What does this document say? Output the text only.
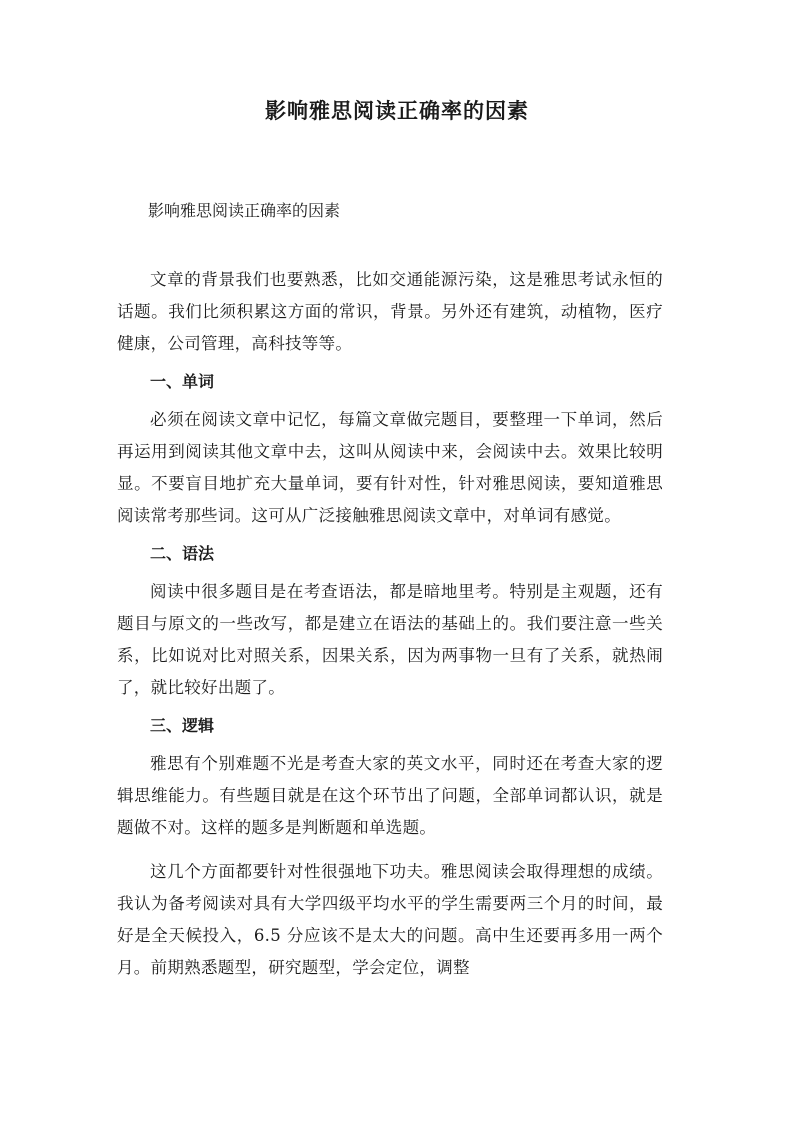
影响雅思阅读正确率的因素

影响雅思阅读正确率的因素

文章的背景我们也要熟悉，比如交通能源污染，这是雅思考试永恒的话题。我们比须积累这方面的常识，背景。另外还有建筑，动植物，医疗健康，公司管理，高科技等等。

一、单词

必须在阅读文章中记忆，每篇文章做完题目，要整理一下单词，然后再运用到阅读其他文章中去，这叫从阅读中来，会阅读中去。效果比较明显。不要盲目地扩充大量单词，要有针对性，针对雅思阅读，要知道雅思阅读常考那些词。这可从广泛接触雅思阅读文章中，对单词有感觉。

二、语法

阅读中很多题目是在考查语法，都是暗地里考。特别是主观题，还有题目与原文的一些改写，都是建立在语法的基础上的。我们要注意一些关系，比如说对比对照关系，因果关系，因为两事物一旦有了关系，就热闹了，就比较好出题了。

三、逻辑

雅思有个别难题不光是考查大家的英文水平，同时还在考查大家的逻辑思维能力。有些题目就是在这个环节出了问题，全部单词都认识，就是题做不对。这样的题多是判断题和单选题。

这几个方面都要针对性很强地下功夫。雅思阅读会取得理想的成绩。我认为备考阅读对具有大学四级平均水平的学生需要两三个月的时间，最好是全天候投入，6.5 分应该不是太大的问题。高中生还要再多用一两个月。前期熟悉题型，研究题型，学会定位，调整
